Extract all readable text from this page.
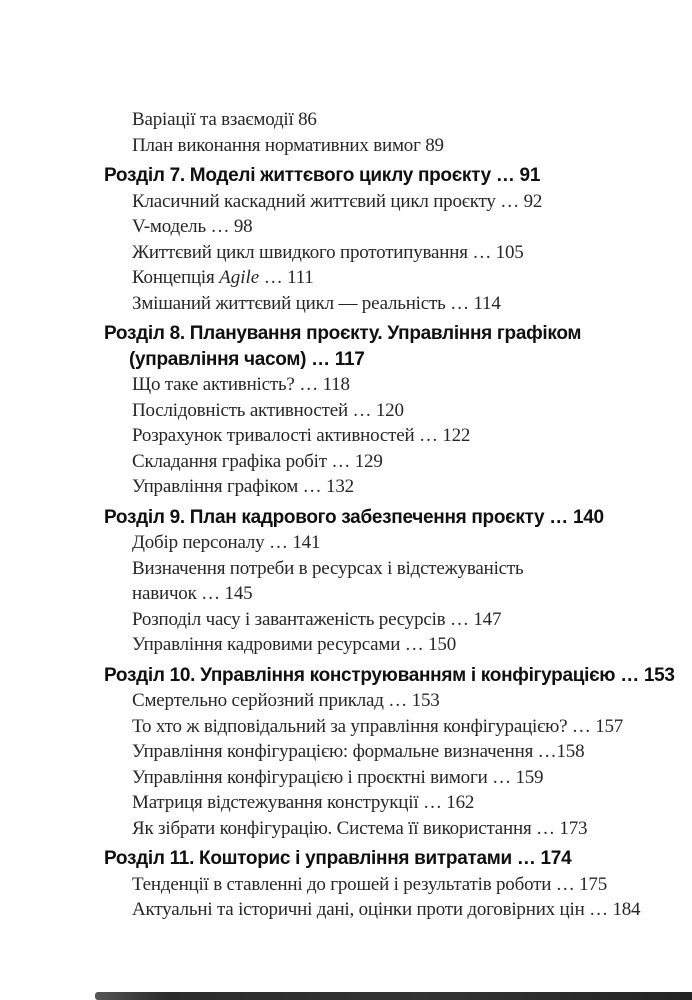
Варіації та взаємодії 86
План виконання нормативних вимог 89
Розділ 7. Моделі життєвого циклу проєкту … 91
Класичний каскадний життєвий цикл проєкту … 92
V-модель … 98
Життєвий цикл швидкого прототипування … 105
Концепція Agile … 111
Змішаний життєвий цикл — реальність … 114
Розділ 8. Планування проєкту. Управління графіком
(управління часом) … 117
Що таке активність? … 118
Послідовність активностей … 120
Розрахунок тривалості активностей … 122
Складання графіка робіт … 129
Управління графіком … 132
Розділ 9. План кадрового забезпечення проєкту … 140
Добір персоналу … 141
Визначення потреби в ресурсах і відстежуваність
навичок … 145
Розподіл часу і завантаженість ресурсів … 147
Управління кадровими ресурсами … 150
Розділ 10. Управління конструюванням і конфігурацією … 153
Смертельно серйозний приклад … 153
То хто ж відповідальний за управління конфігурацією? … 157
Управління конфігурацією: формальне визначення …158
Управління конфігурацією і проєктні вимоги … 159
Матриця відстежування конструкції … 162
Як зібрати конфігурацію. Система її використання … 173
Розділ 11. Кошторис і управління витратами … 174
Тенденції в ставленні до грошей і результатів роботи … 175
Актуальні та історичні дані, оцінки проти договірних цін … 184
